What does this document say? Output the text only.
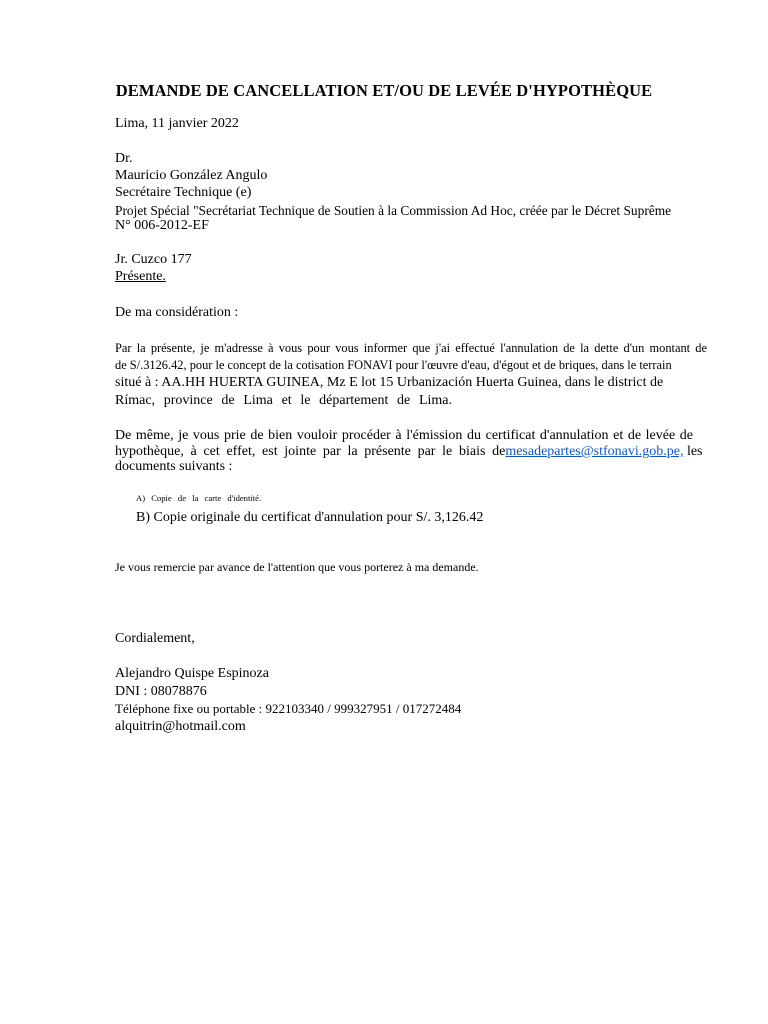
DEMANDE DE CANCELLATION ET/OU DE LEVÉE D'HYPOTHÈQUE
Lima, 11 janvier 2022
Dr.
Mauricio González Angulo
Secrétaire Technique (e)
Projet Spécial "Secrétariat Technique de Soutien à la Commission Ad Hoc, créée par le Décret Suprême
N° 006-2012-EF
Jr. Cuzco 177
Présente.
De ma considération :
Par la présente, je m'adresse à vous pour vous informer que j'ai effectué l'annulation de la dette d'un montant de
de S/.3126.42, pour le concept de la cotisation FONAVI pour l'œuvre d'eau, d'égout et de briques, dans le terrain
situé à : AA.HH HUERTA GUINEA, Mz E lot 15 Urbanización Huerta Guinea, dans le district de
Rímac, province de Lima et le département de Lima.
De même, je vous prie de bien vouloir procéder à l'émission du certificat d'annulation et de levée de
hypothèque, à cet effet, est jointe par la présente par le biais de mesadepartes@stfonavi.gob.pe, les
documents suivants :
A) Copie de la carte d'identité.
B) Copie originale du certificat d'annulation pour S/. 3,126.42
Je vous remercie par avance de l'attention que vous porterez à ma demande.
Cordialement,
Alejandro Quispe Espinoza
DNI : 08078876
Téléphone fixe ou portable : 922103340 / 999327951 / 017272484
alquitrin@hotmail.com
